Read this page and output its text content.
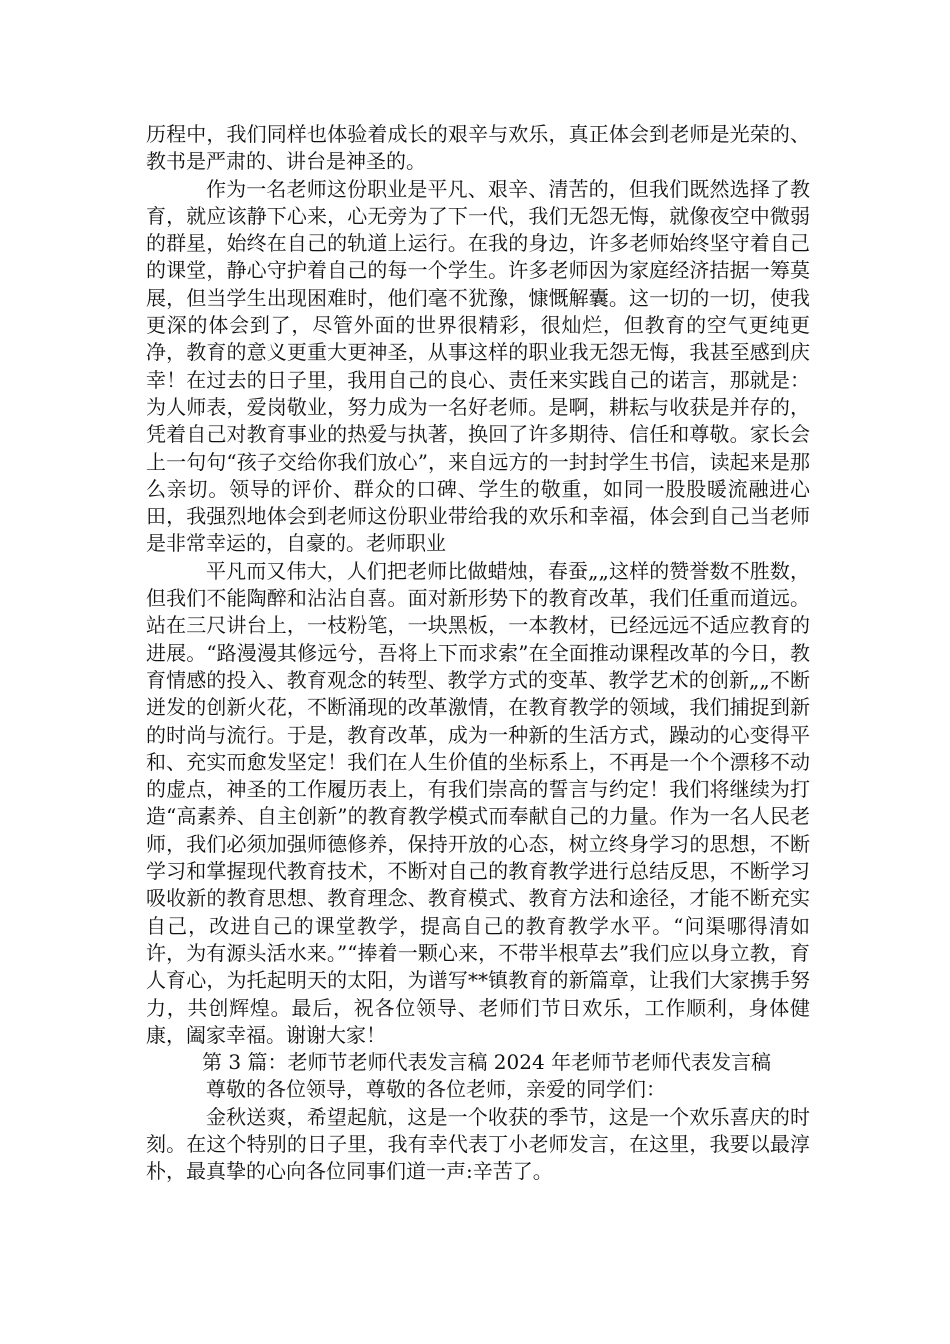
历程中，我们同样也体验着成长的艰辛与欢乐，真正体会到老师是光荣的、教书是严肃的、讲台是神圣的。

作为一名老师这份职业是平凡、艰辛、清苦的，但我们既然选择了教育，就应该静下心来，心无旁为了下一代，我们无怨无悔，就像夜空中微弱的群星，始终在自己的轨道上运行。在我的身边，许多老师始终坚守着自己的课堂，静心守护着自己的每一个学生。许多老师因为家庭经济拮据一筹莫展，但当学生出现困难时，他们毫不犹豫，慷慨解囊。这一切的一切，使我更深的体会到了，尽管外面的世界很精彩，很灿烂，但教育的空气更纯更净，教育的意义更重大更神圣，从事这样的职业我无怨无悔，我甚至感到庆幸！在过去的日子里，我用自己的良心、责任来实践自己的诺言，那就是：为人师表，爱岗敬业，努力成为一名好老师。是啊，耕耘与收获是并存的，凭着自己对教育事业的热爱与执著，换回了许多期待、信任和尊敬。家长会上一句句“孩子交给你我们放心”，来自远方的一封封学生书信，读起来是那么亲切。领导的评价、群众的口碑、学生的敬重，如同一股股暖流融进心田，我强烈地体会到老师这份职业带给我的欢乐和幸福，体会到自己当老师是非常幸运的，自豪的。老师职业

平凡而又伟大，人们把老师比做蜡烛，春蚕„„这样的赞誉数不胜数，但我们不能陶醉和沾沾自喜。面对新形势下的教育改革，我们任重而道远。站在三尺讲台上，一枝粉笔，一块黑板，一本教材，已经远远不适应教育的进展。“路漫漫其修远兮，吾将上下而求索”在全面推动课程改革的今日，教育情感的投入、教育观念的转型、教学方式的变革、教学艺术的创新„„不断迸发的创新火花，不断涌现的改革激情，在教育教学的领域，我们捕捉到新的时尚与流行。于是，教育改革，成为一种新的生活方式，躁动的心变得平和、充实而愈发坚定！我们在人生价值的坐标系上，不再是一个个漂移不动的虚点，神圣的工作履历表上，有我们崇高的誓言与约定！我们将继续为打造“高素养、自主创新”的教育教学模式而奉献自己的力量。作为一名人民老师，我们必须加强师德修养，保持开放的心态，树立终身学习的思想，不断学习和掌握现代教育技术，不断对自己的教育教学进行总结反思，不断学习吸收新的教育思想、教育理念、教育模式、教育方法和途径，才能不断充实自己，改进自己的课堂教学，提高自己的教育教学水平。“问渠哪得清如许，为有源头活水来。”“捧着一颗心来，不带半根草去”我们应以身立教，育人育心，为托起明天的太阳，为谱写**镇教育的新篇章，让我们大家携手努力，共创辉煌。最后，祝各位领导、老师们节日欢乐，工作顺利，身体健康，阖家幸福。谢谢大家！

第 3 篇：老师节老师代表发言稿 2024 年老师节老师代表发言稿

尊敬的各位领导，尊敬的各位老师，亲爱的同学们：

金秋送爽，希望起航，这是一个收获的季节，这是一个欢乐喜庆的时刻。在这个特别的日子里，我有幸代表丁小老师发言，在这里，我要以最淳朴，最真挚的心向各位同事们道一声:辛苦了。
